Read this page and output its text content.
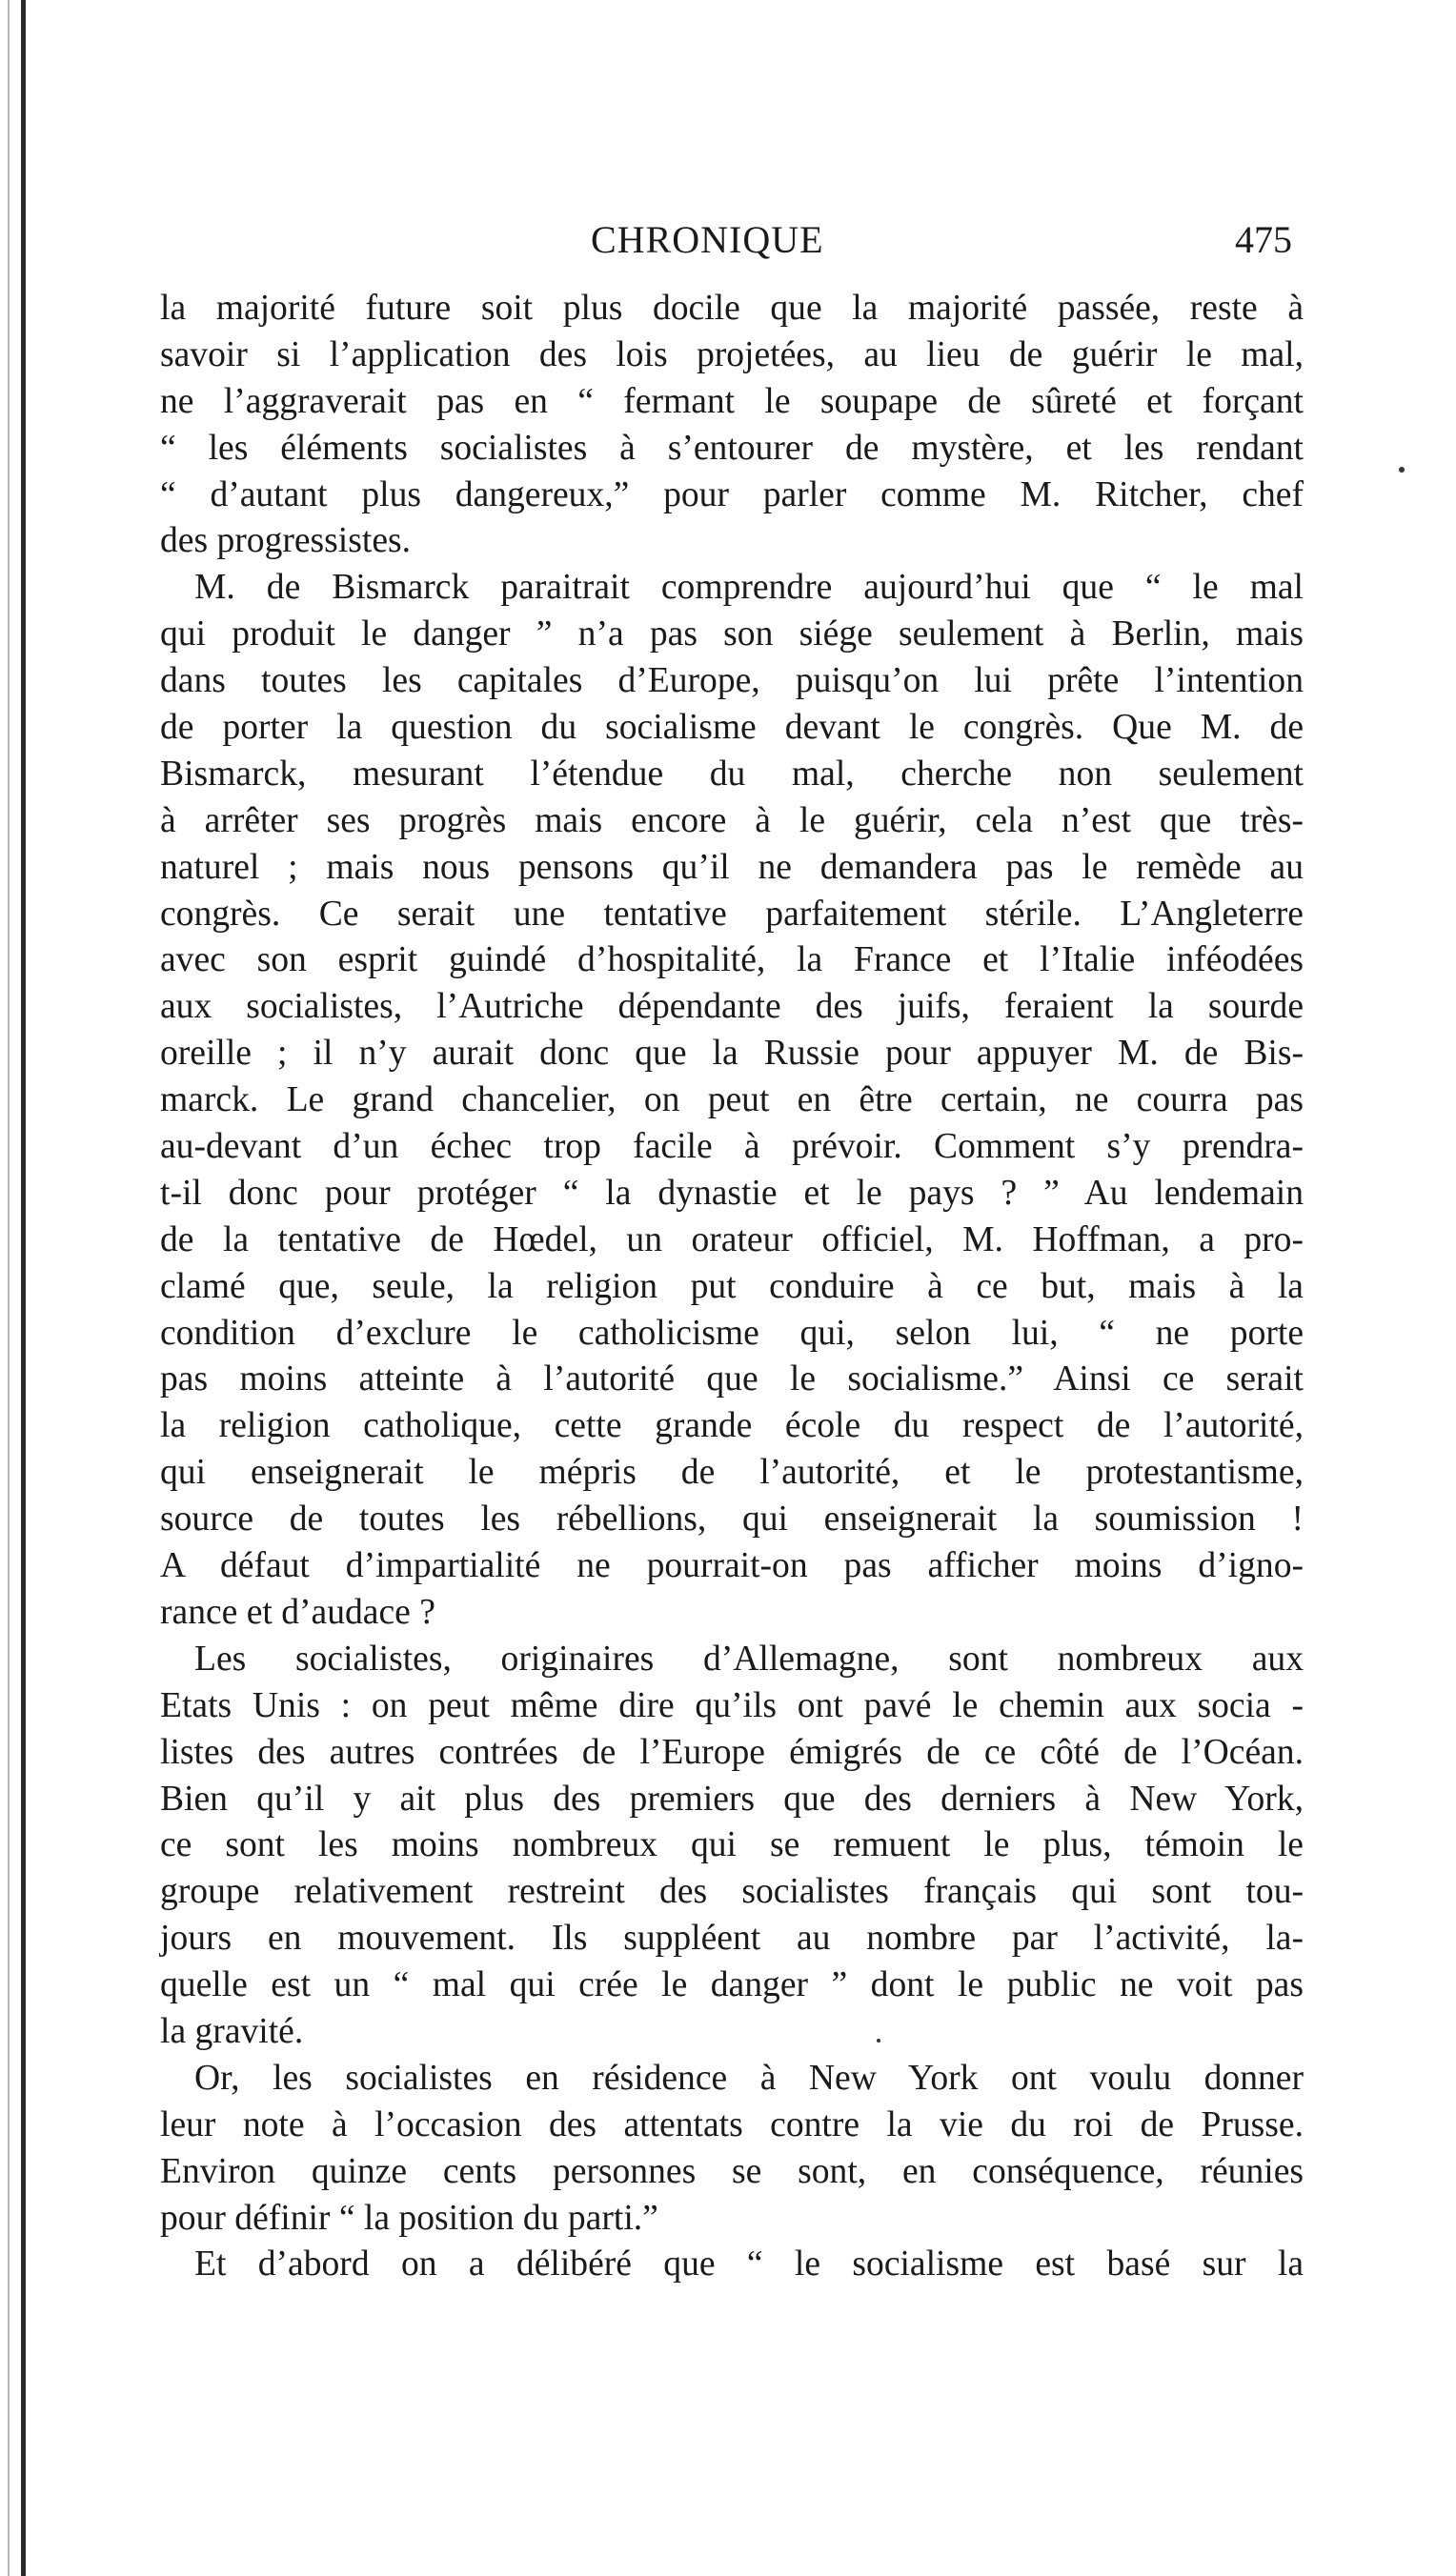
CHRONIQUE	475
la majorité future soit plus docile que la majorité passée, reste à
savoir si l’application des lois projetées, au lieu de guérir le mal,
ne l’aggraverait pas en “ fermant le soupape de sûreté et forçant
“ les éléments socialistes à s’entourer de mystère, et les rendant
“ d’autant plus dangereux,” pour parler comme M. Ritcher, chef
des progressistes.
M. de Bismarck paraitrait comprendre aujourd’hui que “ le mal
qui produit le danger ” n’a pas son siége seulement à Berlin, mais
dans toutes les capitales d’Europe, puisqu’on lui prête l’intention
de porter la question du socialisme devant le congrès. Que M. de
Bismarck, mesurant l’étendue du mal, cherche non seulement
à arrêter ses progrès mais encore à le guérir, cela n’est que très-
naturel ; mais nous pensons qu’il ne demandera pas le remède au
congrès. Ce serait une tentative parfaitement stérile. L’Angleterre
avec son esprit guindé d’hospitalité, la France et l’Italie inféodées
aux socialistes, l’Autriche dépendante des juifs, feraient la sourde
oreille ; il n’y aurait donc que la Russie pour appuyer M. de Bis-
marck. Le grand chancelier, on peut en être certain, ne courra pas
au-devant d’un échec trop facile à prévoir. Comment s’y prendra-
t-il donc pour protéger “ la dynastie et le pays ? ” Au lendemain
de la tentative de Hœdel, un orateur officiel, M. Hoffman, a pro-
clamé que, seule, la religion put conduire à ce but, mais à la
condition d’exclure le catholicisme qui, selon lui, “ ne porte
pas moins atteinte à l’autorité que le socialisme.” Ainsi ce serait
la religion catholique, cette grande école du respect de l’autorité,
qui enseignerait le mépris de l’autorité, et le protestantisme,
source de toutes les rébellions, qui enseignerait la soumission !
A défaut d’impartialité ne pourrait-on pas afficher moins d’igno-
rance et d’audace ?
Les socialistes, originaires d’Allemagne, sont nombreux aux
Etats Unis : on peut même dire qu’ils ont pavé le chemin aux socia -
listes des autres contrées de l’Europe émigrés de ce côté de l’Océan.
Bien qu’il y ait plus des premiers que des derniers à New York,
ce sont les moins nombreux qui se remuent le plus, témoin le
groupe relativement restreint des socialistes français qui sont tou-
jours en mouvement. Ils suppléent au nombre par l’activité, la-
quelle est un “ mal qui crée le danger ” dont le public ne voit pas
la gravité.
Or, les socialistes en résidence à New York ont voulu donner
leur note à l’occasion des attentats contre la vie du roi de Prusse.
Environ quinze cents personnes se sont, en conséquence, réunies
pour définir “ la position du parti.”
Et d’abord on a délibéré que “ le socialisme est basé sur la
